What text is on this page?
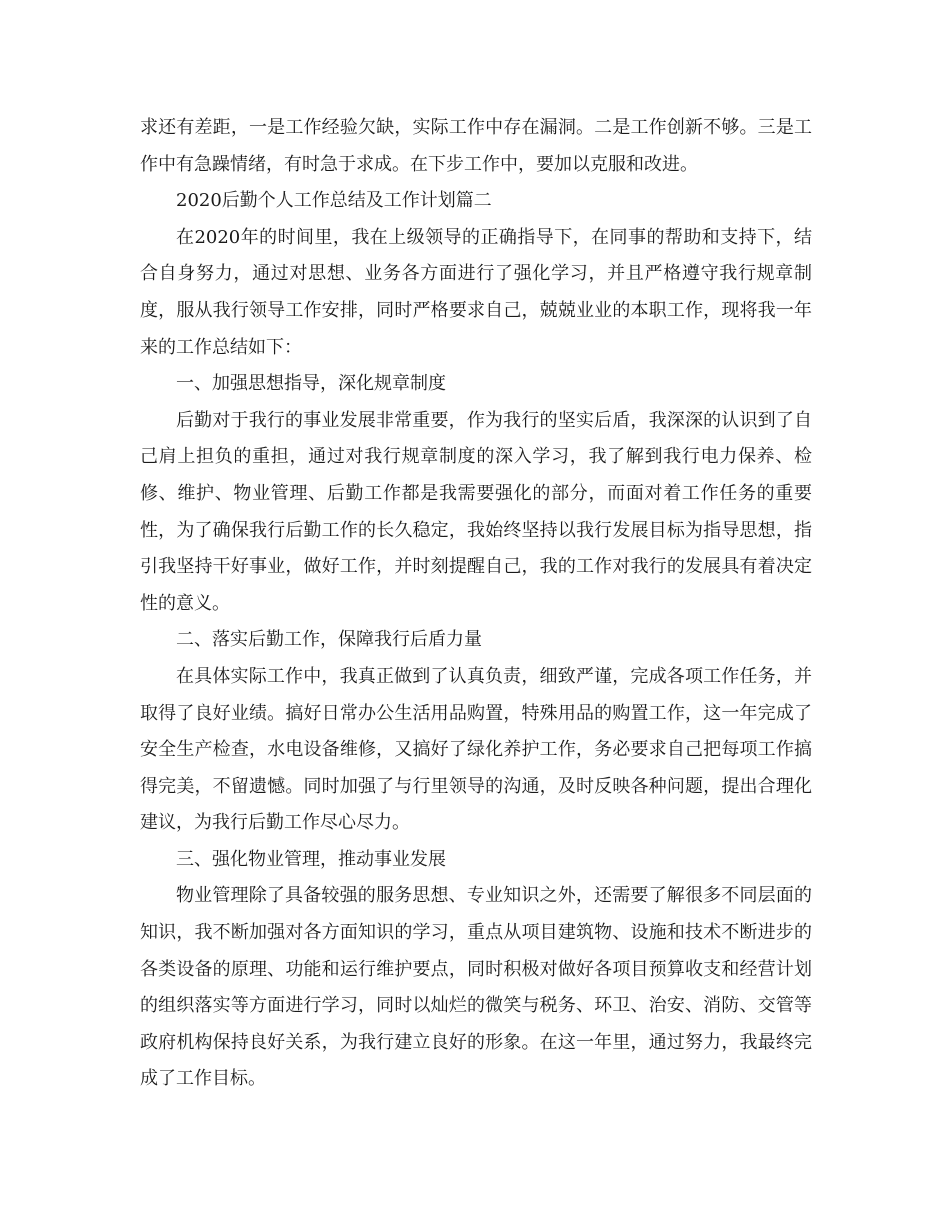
求还有差距，一是工作经验欠缺，实际工作中存在漏洞。二是工作创新不够。三是工作中有急躁情绪，有时急于求成。在下步工作中，要加以克服和改进。

2020后勤个人工作总结及工作计划篇二

在2020年的时间里，我在上级领导的正确指导下，在同事的帮助和支持下，结合自身努力，通过对思想、业务各方面进行了强化学习，并且严格遵守我行规章制度，服从我行领导工作安排，同时严格要求自己，兢兢业业的本职工作，现将我一年来的工作总结如下：

一、加强思想指导，深化规章制度

后勤对于我行的事业发展非常重要，作为我行的坚实后盾，我深深的认识到了自己肩上担负的重担，通过对我行规章制度的深入学习，我了解到我行电力保养、检修、维护、物业管理、后勤工作都是我需要强化的部分，而面对着工作任务的重要性，为了确保我行后勤工作的长久稳定，我始终坚持以我行发展目标为指导思想，指引我坚持干好事业，做好工作，并时刻提醒自己，我的工作对我行的发展具有着决定性的意义。

二、落实后勤工作，保障我行后盾力量

在具体实际工作中，我真正做到了认真负责，细致严谨，完成各项工作任务，并取得了良好业绩。搞好日常办公生活用品购置，特殊用品的购置工作，这一年完成了安全生产检查，水电设备维修，又搞好了绿化养护工作，务必要求自己把每项工作搞得完美，不留遗憾。同时加强了与行里领导的沟通，及时反映各种问题，提出合理化建议，为我行后勤工作尽心尽力。

三、强化物业管理，推动事业发展

物业管理除了具备较强的服务思想、专业知识之外，还需要了解很多不同层面的知识，我不断加强对各方面知识的学习，重点从项目建筑物、设施和技术不断进步的各类设备的原理、功能和运行维护要点，同时积极对做好各项目预算收支和经营计划的组织落实等方面进行学习，同时以灿烂的微笑与税务、环卫、治安、消防、交管等政府机构保持良好关系，为我行建立良好的形象。在这一年里，通过努力，我最终完成了工作目标。
